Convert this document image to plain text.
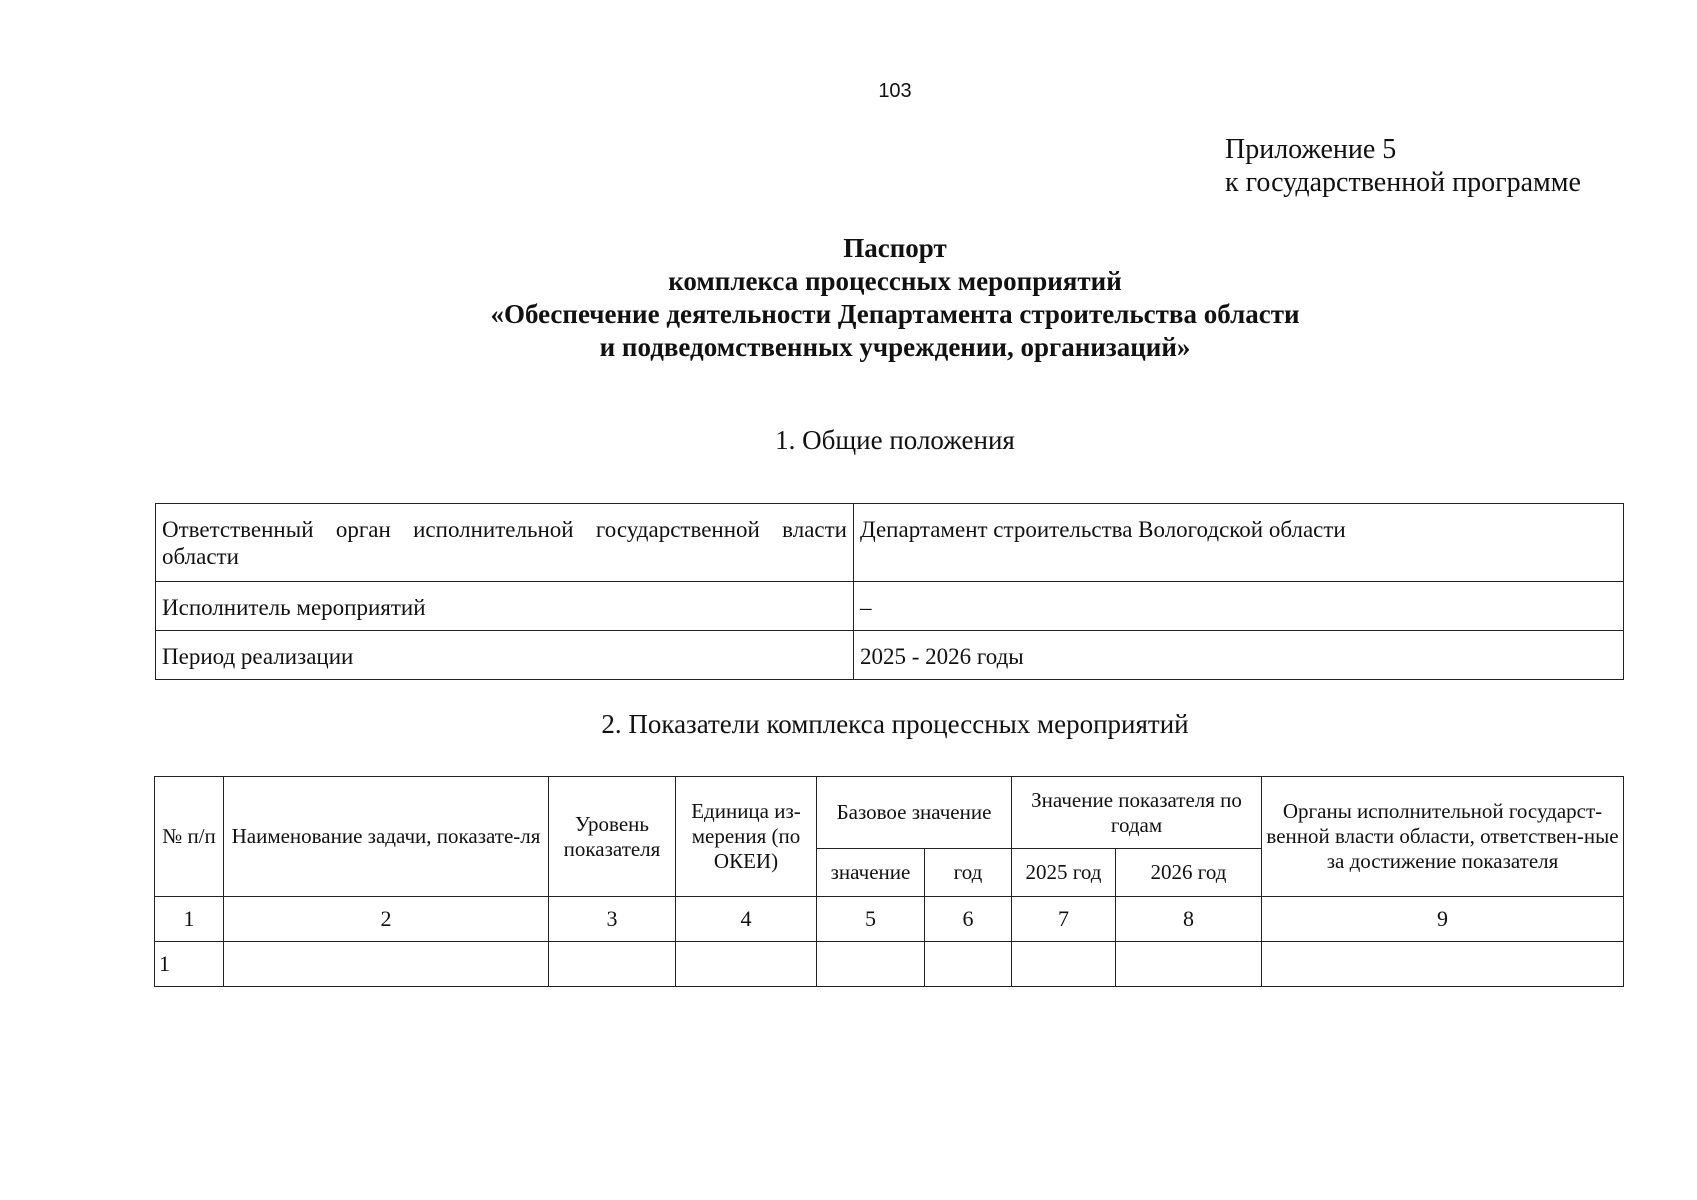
103
Приложение 5
к государственной программе
Паспорт
комплекса процессных мероприятий
«Обеспечение деятельности Департамента строительства области
и подведомственных учреждении, организаций»
1. Общие положения
Ответственный орган исполнительной государственной власти области	Департамент строительства Вологодской области
Исполнитель мероприятий	–
Период реализации	2025 - 2026 годы
2. Показатели комплекса процессных мероприятий
№ п/п	Наименование задачи, показате-ля	Уровень показателя	Единица из-мерения (по ОКЕИ)	Базовое значение		Значение показателя по годам		Органы исполнительной государст-венной власти области, ответствен-ные за достижение показателя
				значение	год	2025 год	2026 год	
1	2	3	4	5	6	7	8	9
1								
